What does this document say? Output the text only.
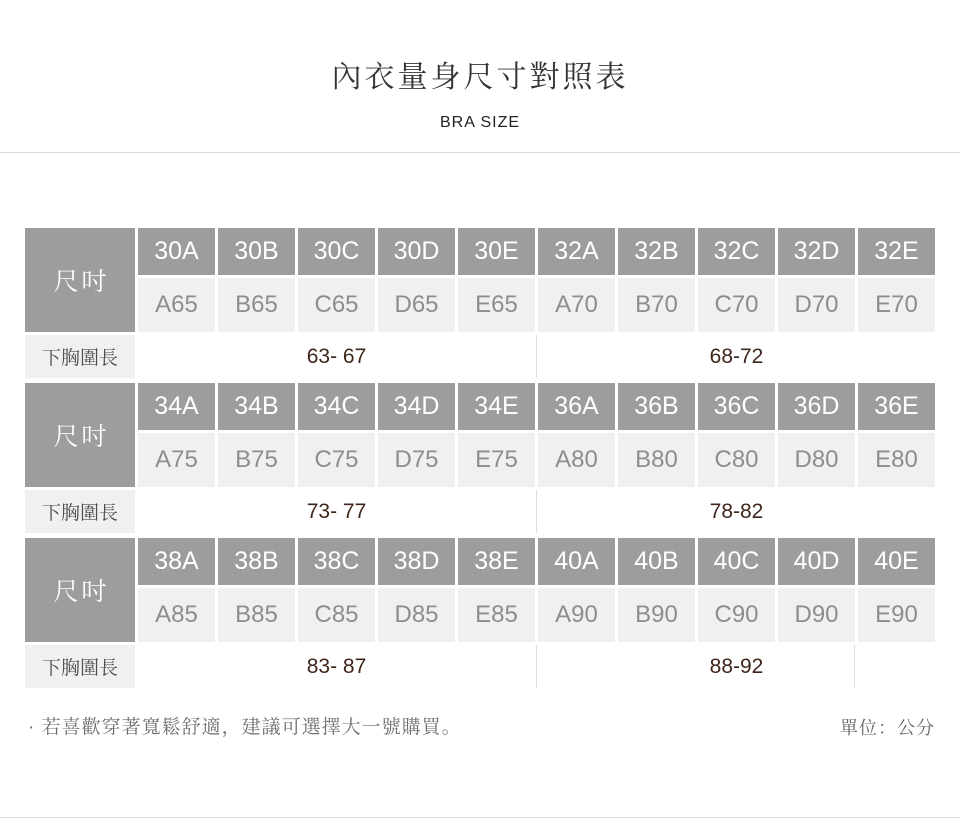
內衣量身尺寸對照表
BRA SIZE
尺吋
30A	30B	30C	30D	30E	32A	32B	32C	32D	32E
A65	B65	C65	D65	E65	A70	B70	C70	D70	E70
下胸圍長	63- 67	68-72
尺吋
34A	34B	34C	34D	34E	36A	36B	36C	36D	36E
A75	B75	C75	D75	E75	A80	B80	C80	D80	E80
下胸圍長	73- 77	78-82
尺吋
38A	38B	38C	38D	38E	40A	40B	40C	40D	40E
A85	B85	C85	D85	E85	A90	B90	C90	D90	E90
下胸圍長	83- 87	88-92
· 若喜歡穿著寬鬆舒適，建議可選擇大一號購買。	單位：公分
